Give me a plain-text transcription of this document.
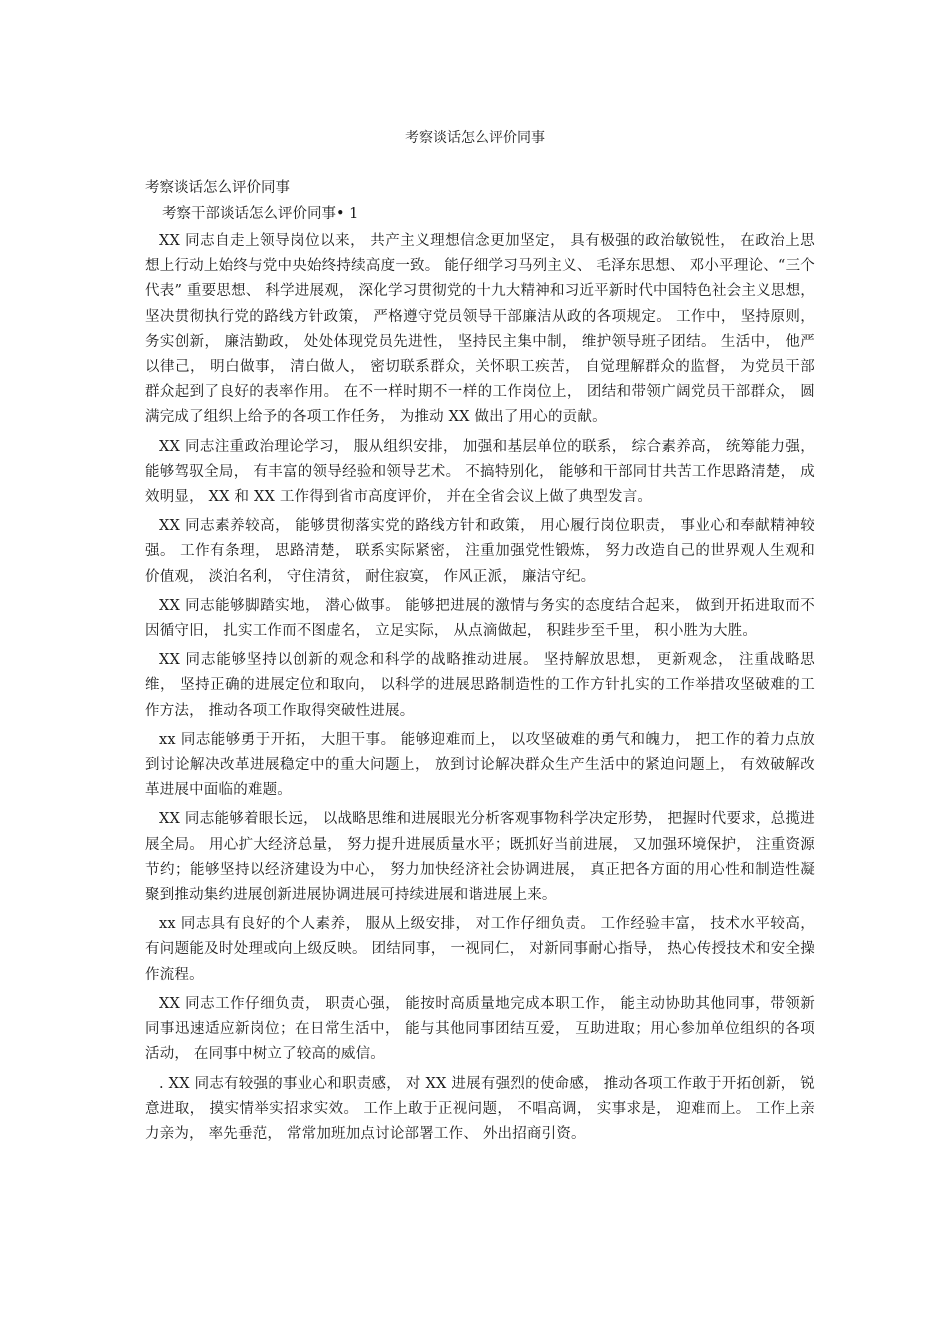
考察谈话怎么评价同事
考察谈话怎么评价同事
考察干部谈话怎么评价同事• 1

XX 同志自走上领导岗位以来， 共产主义理想信念更加坚定， 具有极强的政治敏锐性， 在政治上思想上行动上始终与党中央始终持续高度一致。 能仔细学习马列主义、 毛泽东思想、 邓小平理论、“三个代表” 重要思想、 科学进展观， 深化学习贯彻党的十九大精神和习近平新时代中国特色社会主义思想， 坚决贯彻执行党的路线方针政策， 严格遵守党员领导干部廉洁从政的各项规定。 工作中， 坚持原则， 务实创新， 廉洁勤政， 处处体现党员先进性， 坚持民主集中制， 维护领导班子团结。 生活中， 他严以律己， 明白做事， 清白做人， 密切联系群众，关怀职工疾苦， 自觉理解群众的监督， 为党员干部群众起到了良好的表率作用。 在不一样时期不一样的工作岗位上， 团结和带领广阔党员干部群众， 圆满完成了组织上给予的各项工作任务， 为推动 XX 做出了用心的贡献。

XX 同志注重政治理论学习， 服从组织安排， 加强和基层单位的联系， 综合素养高， 统筹能力强， 能够驾驭全局， 有丰富的领导经验和领导艺术。 不搞特别化， 能够和干部同甘共苦工作思路清楚， 成效明显， XX 和 XX 工作得到省市高度评价， 并在全省会议上做了典型发言。

XX 同志素养较高， 能够贯彻落实党的路线方针和政策， 用心履行岗位职责， 事业心和奉献精神较强。 工作有条理， 思路清楚， 联系实际紧密， 注重加强党性锻炼， 努力改造自己的世界观人生观和价值观， 淡泊名利， 守住清贫， 耐住寂寞， 作风正派， 廉洁守纪。

XX 同志能够脚踏实地， 潜心做事。 能够把进展的激情与务实的态度结合起来， 做到开拓进取而不因循守旧， 扎实工作而不图虚名， 立足实际， 从点滴做起， 积跬步至千里， 积小胜为大胜。

XX 同志能够坚持以创新的观念和科学的战略推动进展。 坚持解放思想， 更新观念， 注重战略思维， 坚持正确的进展定位和取向， 以科学的进展思路制造性的工作方针扎实的工作举措攻坚破难的工作方法， 推动各项工作取得突破性进展。

xx 同志能够勇于开拓， 大胆干事。 能够迎难而上， 以攻坚破难的勇气和魄力， 把工作的着力点放到讨论解决改革进展稳定中的重大问题上， 放到讨论解决群众生产生活中的紧迫问题上， 有效破解改革进展中面临的难题。

XX 同志能够着眼长远， 以战略思维和进展眼光分析客观事物科学决定形势， 把握时代要求，总揽进展全局。 用心扩大经济总量， 努力提升进展质量水平；既抓好当前进展， 又加强环境保护， 注重资源节约；能够坚持以经济建设为中心， 努力加快经济社会协调进展， 真正把各方面的用心性和制造性凝聚到推动集约进展创新进展协调进展可持续进展和谐进展上来。

xx 同志具有良好的个人素养， 服从上级安排， 对工作仔细负责。 工作经验丰富， 技术水平较高， 有问题能及时处理或向上级反映。 团结同事， 一视同仁， 对新同事耐心指导， 热心传授技术和安全操作流程。

XX 同志工作仔细负责， 职责心强， 能按时高质量地完成本职工作， 能主动协助其他同事，带领新同事迅速适应新岗位；在日常生活中， 能与其他同事团结互爱， 互助进取；用心参加单位组织的各项活动， 在同事中树立了较高的威信。

. XX 同志有较强的事业心和职责感， 对 XX 进展有强烈的使命感， 推动各项工作敢于开拓创新， 锐意进取， 摸实情举实招求实效。 工作上敢于正视问题， 不唱高调， 实事求是， 迎难而上。 工作上亲力亲为， 率先垂范， 常常加班加点讨论部署工作、 外出招商引资。
